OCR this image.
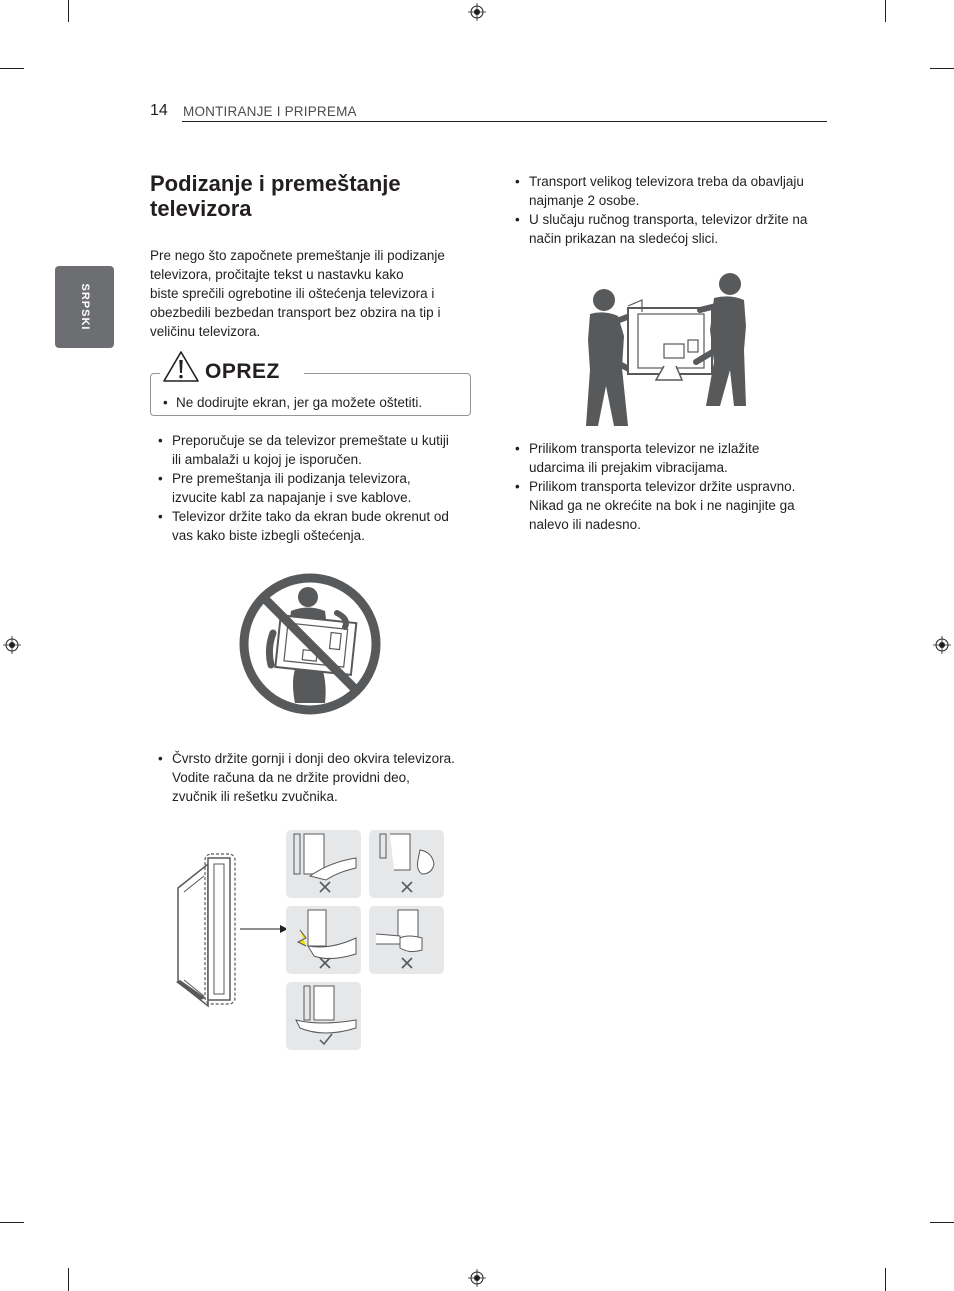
14 MONTIRANJE I PRIPREMA
SRPSKI
Podizanje i premeštanje televizora
Pre nego što započnete premeštanje ili podizanje
televizora, pročitajte tekst u nastavku kako
biste sprečili ogrebotine ili oštećenja televizora i
obezbedili bezbedan transport bez obzira na tip i
veličinu televizora.
OPREZ
• Ne dodirujte ekran, jer ga možete oštetiti.
• Preporučuje se da televizor premeštate u kutiji
ili ambalaži u kojoj je isporučen.
• Pre premeštanja ili podizanja televizora,
izvucite kabl za napajanje i sve kablove.
• Televizor držite tako da ekran bude okrenut od
vas kako biste izbegli oštećenja.
• Čvrsto držite gornji i donji deo okvira televizora.
Vodite računa da ne držite providni deo,
zvučnik ili rešetku zvučnika.
• Transport velikog televizora treba da obavljaju
najmanje 2 osobe.
• U slučaju ručnog transporta, televizor držite na
način prikazan na sledećoj slici.
• Prilikom transporta televizor ne izlažite
udarcima ili prejakim vibracijama.
• Prilikom transporta televizor držite uspravno.
Nikad ga ne okrećite na bok i ne naginjite ga
nalevo ili nadesno.
